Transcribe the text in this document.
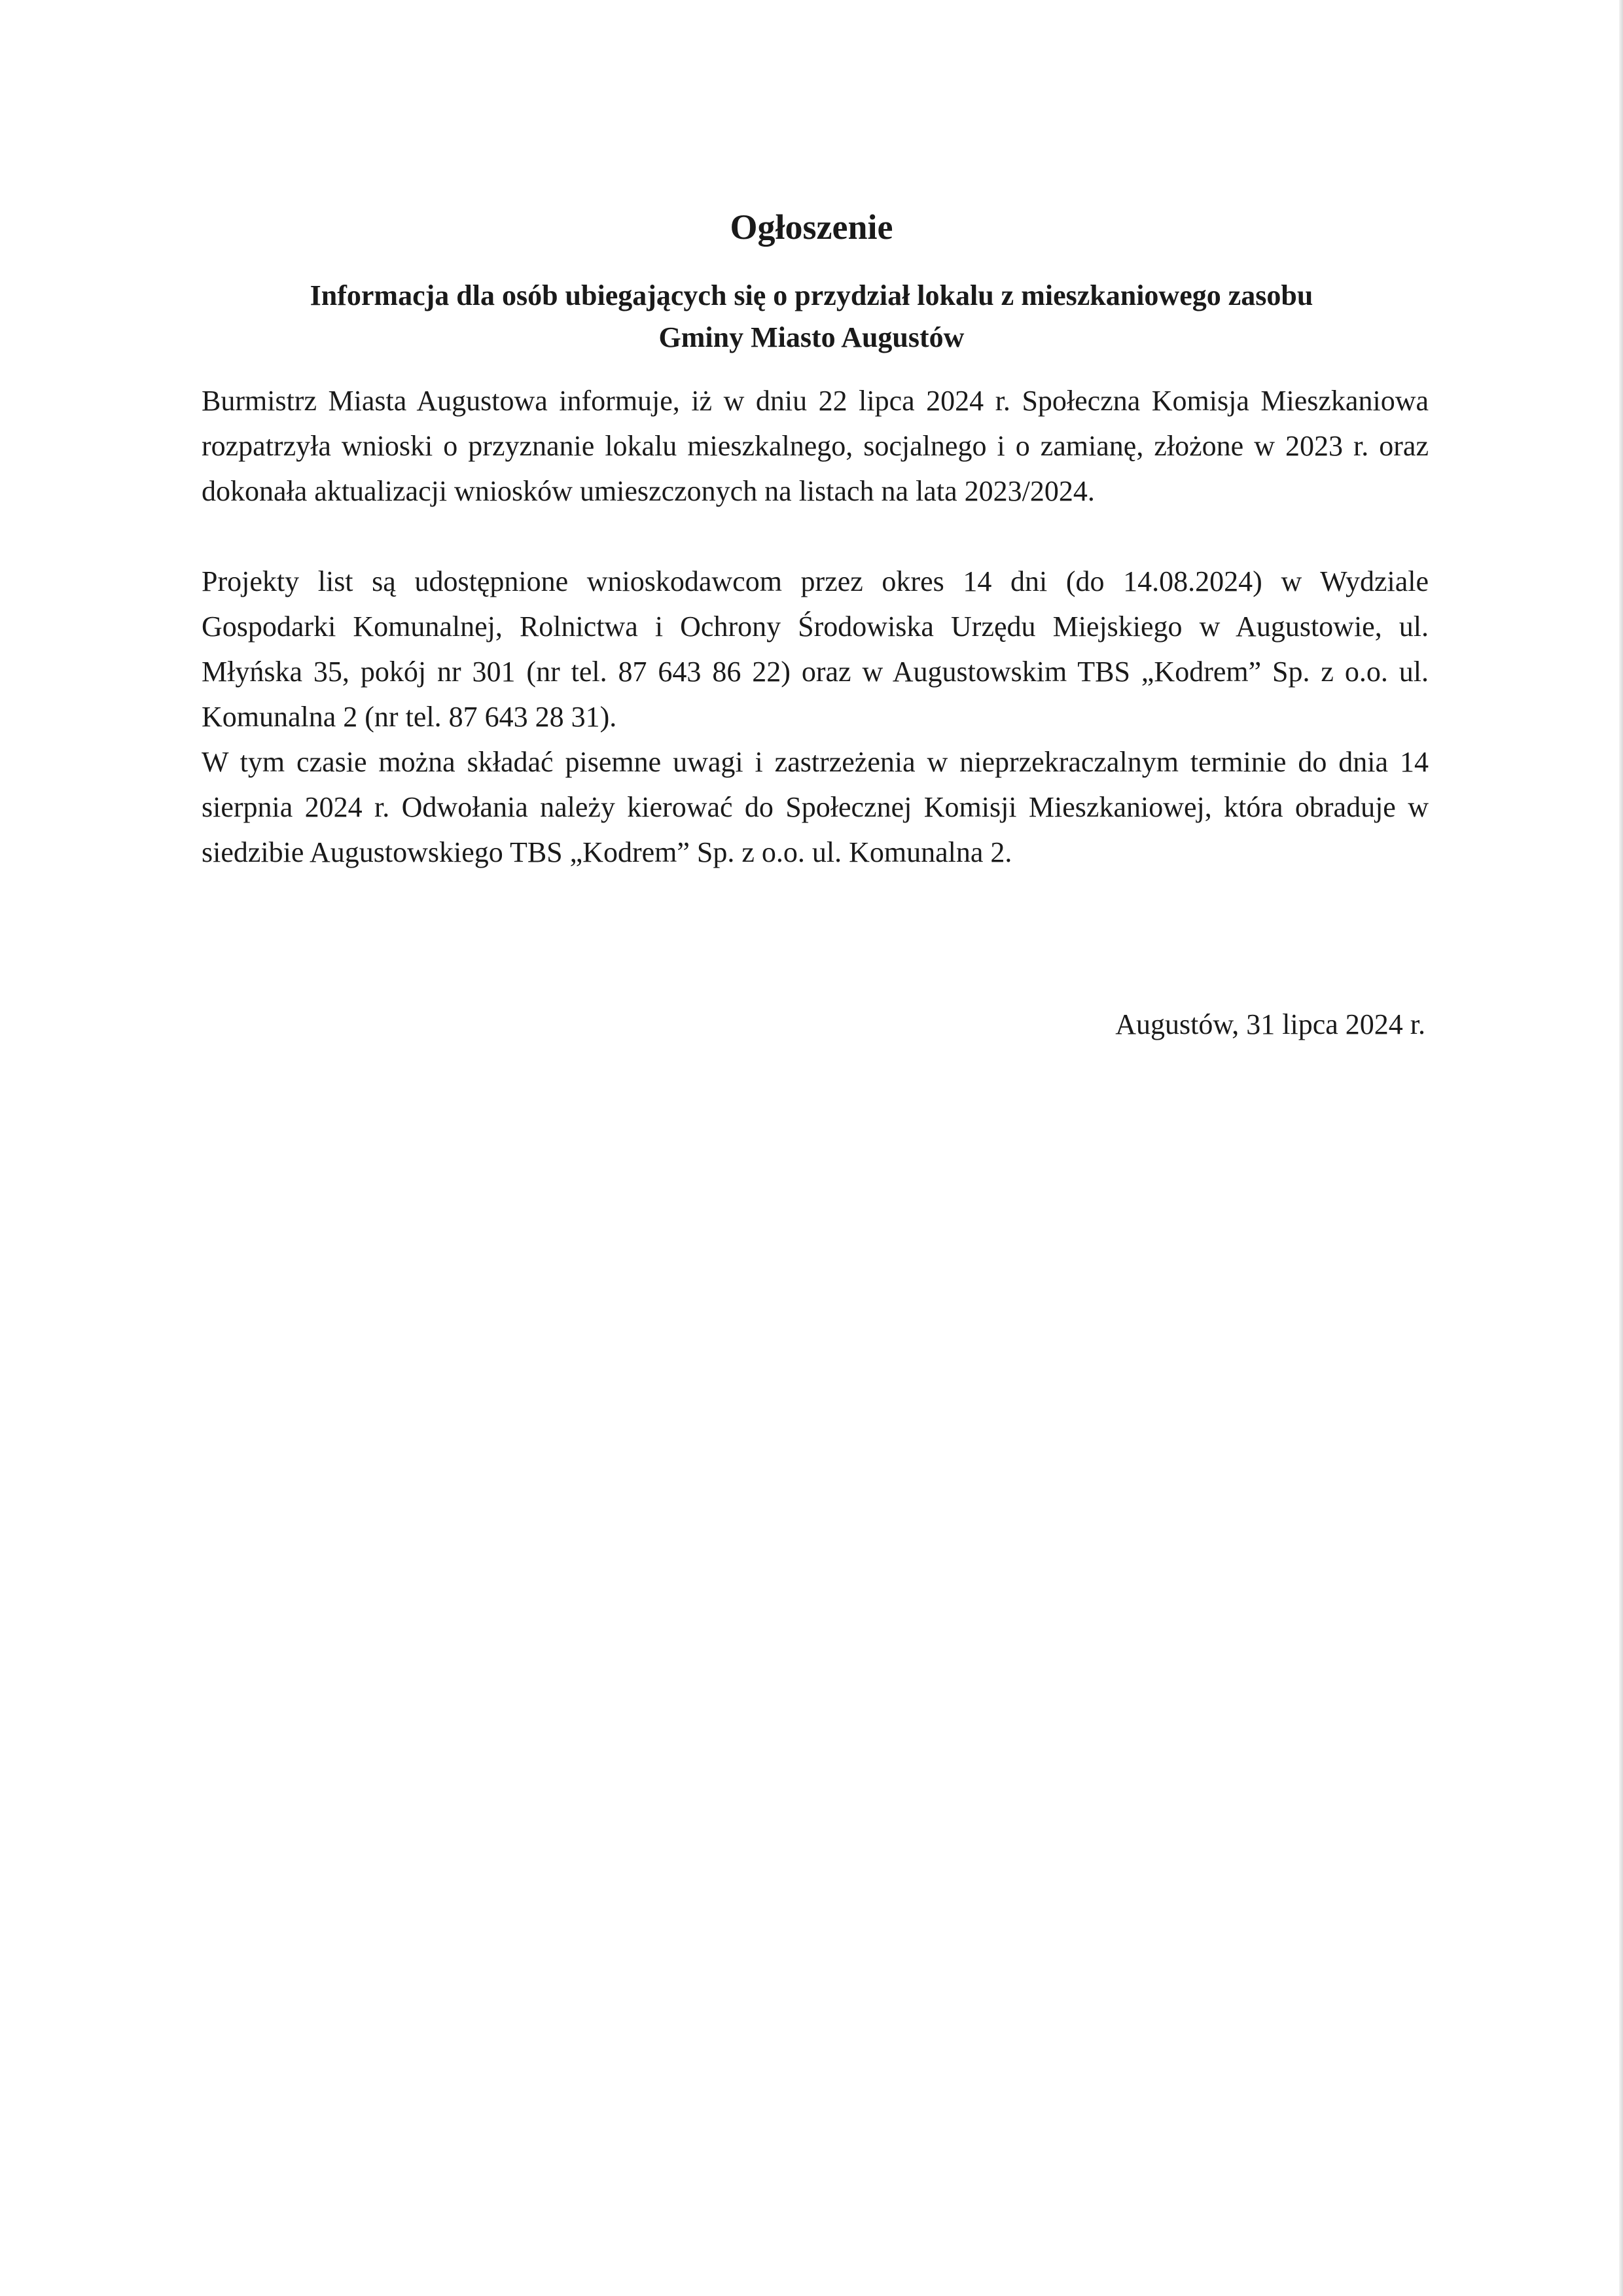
Ogłoszenie
Informacja dla osób ubiegających się o przydział lokalu z mieszkaniowego zasobu
Gminy Miasto Augustów

Burmistrz Miasta Augustowa informuje, iż w dniu 22 lipca 2024 r. Społeczna Komisja Mieszkaniowa rozpatrzyła wnioski o przyznanie lokalu mieszkalnego, socjalnego i o zamianę, złożone w 2023 r. oraz dokonała aktualizacji wniosków umieszczonych na listach na lata 2023/2024.

Projekty list są udostępnione wnioskodawcom przez okres 14 dni (do 14.08.2024) w Wydziale Gospodarki Komunalnej, Rolnictwa i Ochrony Środowiska Urzędu Miejskiego w Augustowie, ul. Młyńska 35, pokój nr 301 (nr tel. 87 643 86 22) oraz w Augustowskim TBS „Kodrem” Sp. z o.o. ul. Komunalna 2 (nr tel. 87 643 28 31).

W tym czasie można składać pisemne uwagi i zastrzeżenia w nieprzekraczalnym terminie do dnia 14 sierpnia 2024 r. Odwołania należy kierować do Społecznej Komisji Mieszkaniowej, która obraduje w siedzibie Augustowskiego TBS „Kodrem” Sp. z o.o. ul. Komunalna 2.

Augustów, 31 lipca 2024 r.
